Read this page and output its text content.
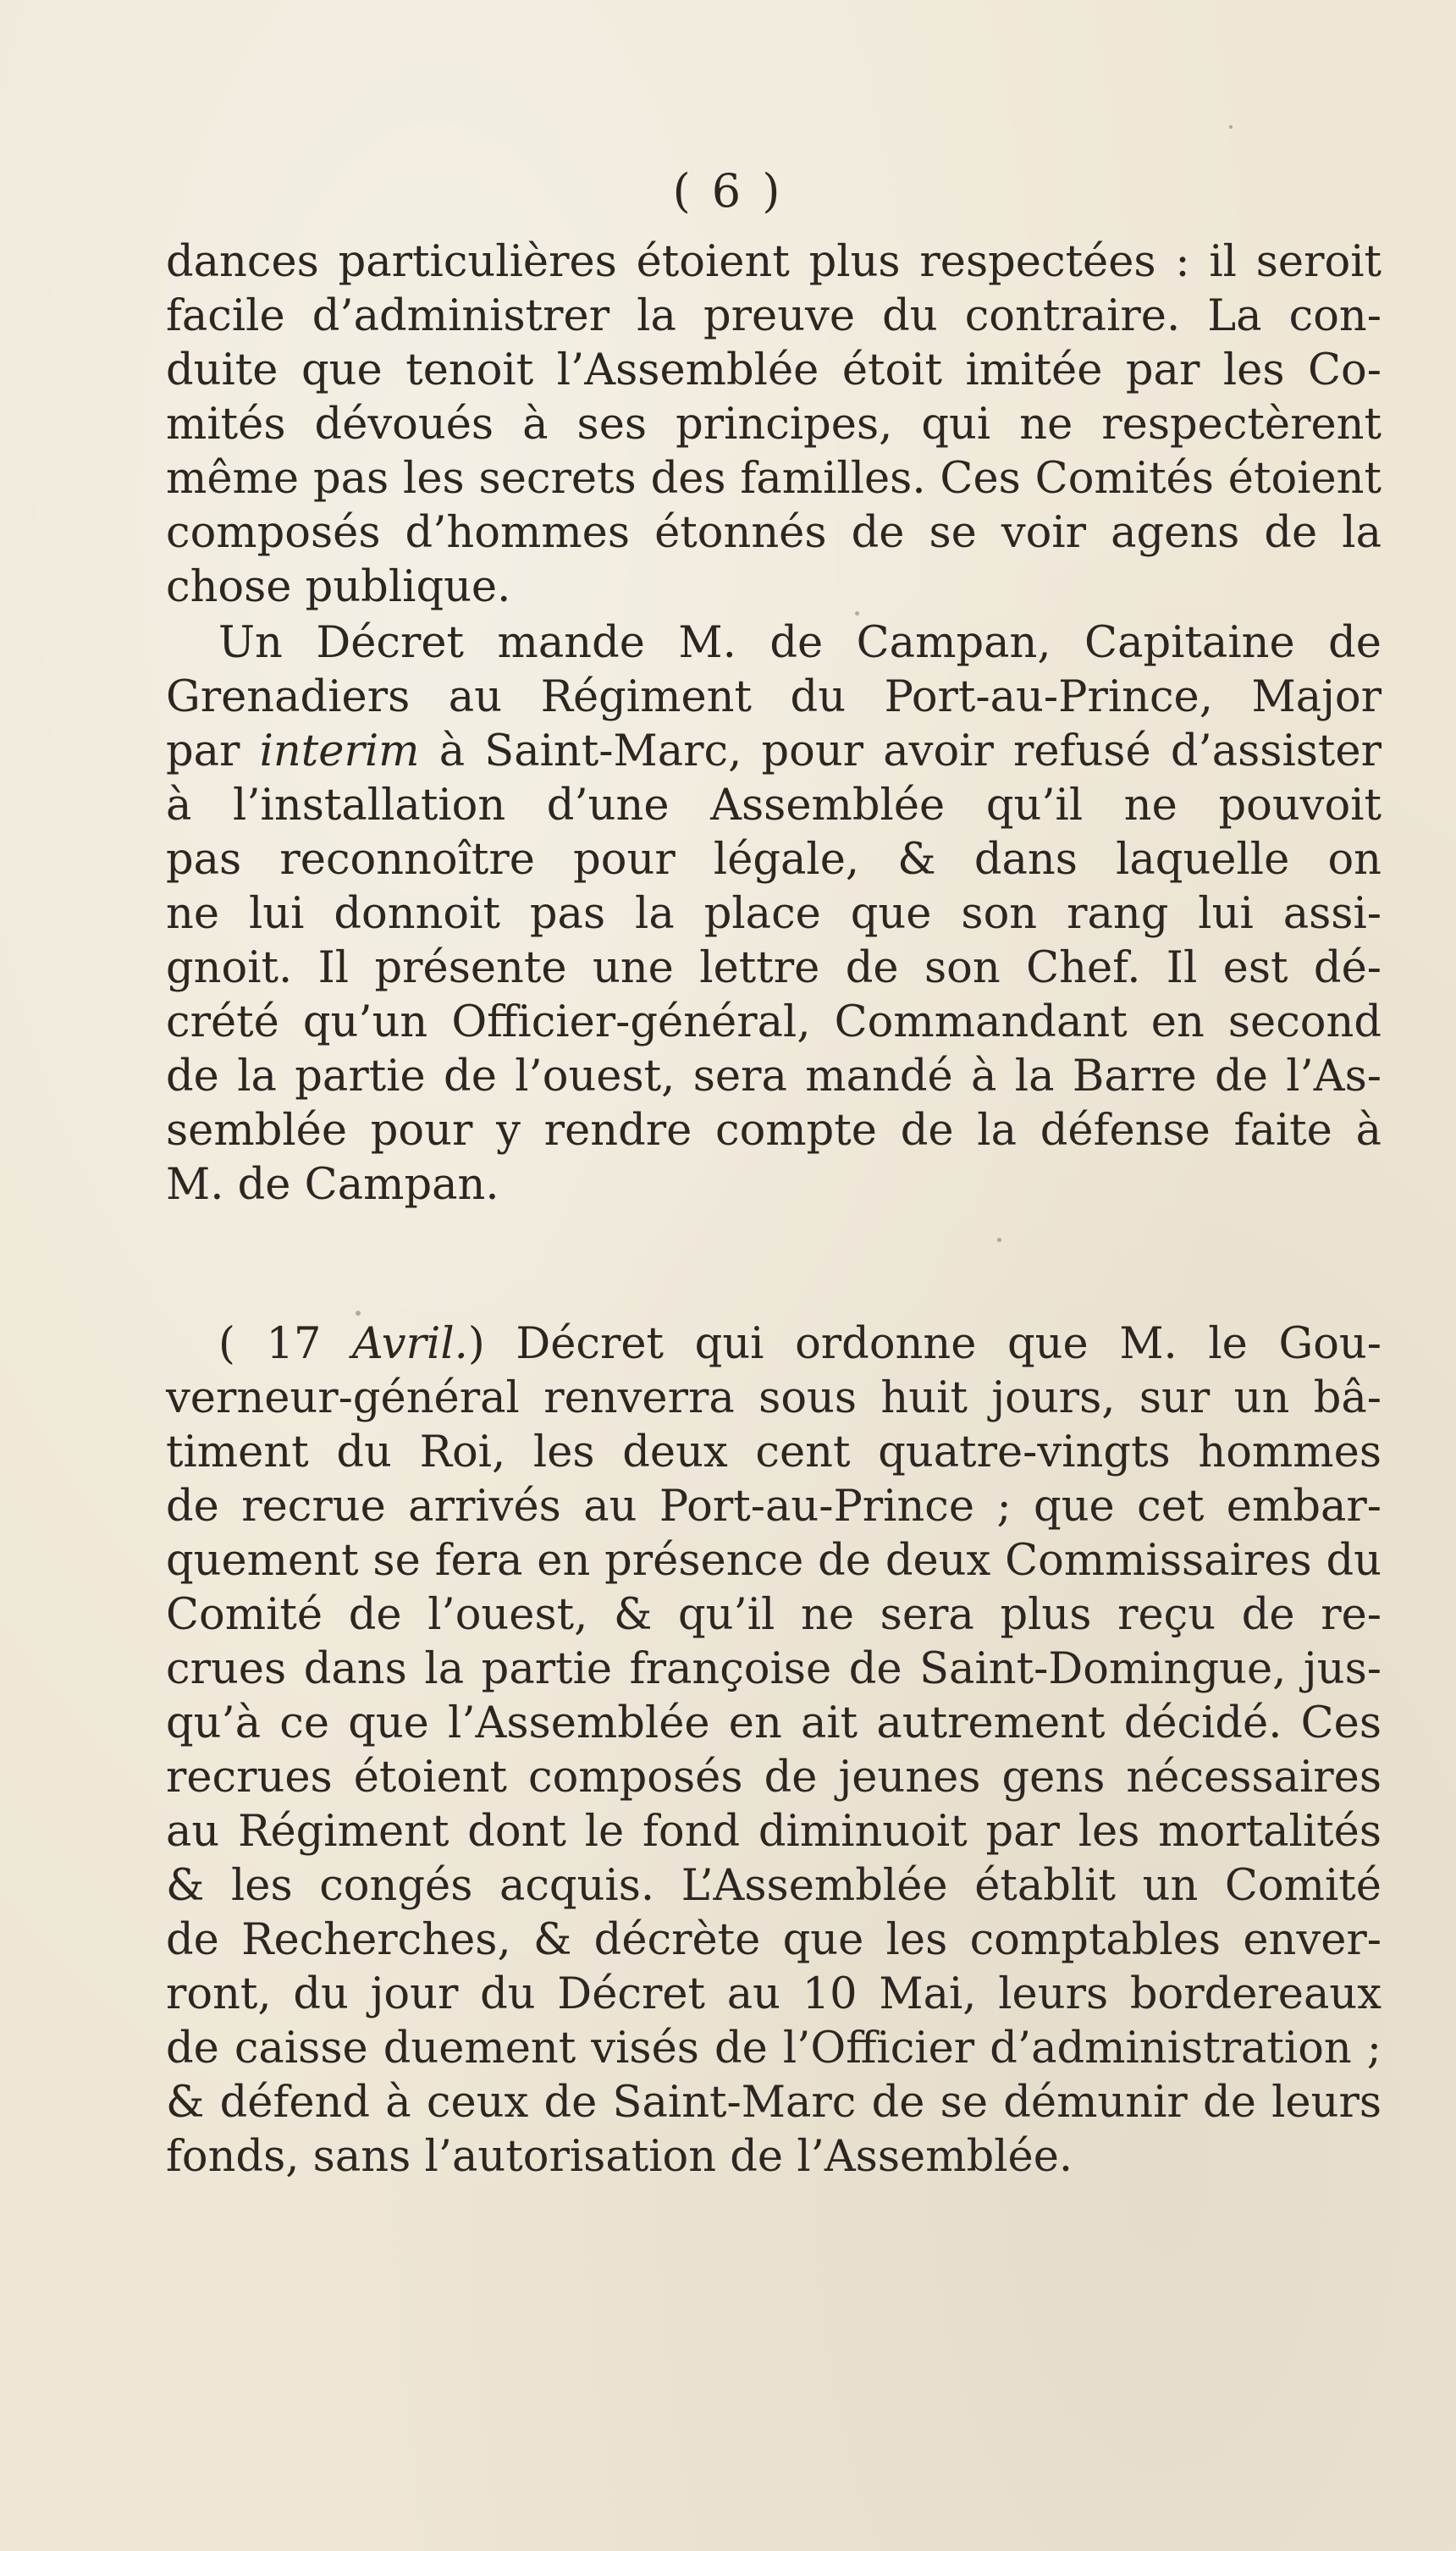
( 6 )
dances particulières étoient plus respectées : il seroit
facile d’administrer la preuve du contraire. La con-
duite que tenoit l’Assemblée étoit imitée par les Co-
mités dévoués à ses principes, qui ne respectèrent
même pas les secrets des familles. Ces Comités étoient
composés d’hommes étonnés de se voir agens de la
chose publique.
Un Décret mande M. de Campan, Capitaine de
Grenadiers au Régiment du Port-au-Prince, Major
par interim à Saint-Marc, pour avoir refusé d’assister
à l’installation d’une Assemblée qu’il ne pouvoit
pas reconnoître pour légale, & dans laquelle on
ne lui donnoit pas la place que son rang lui assi-
gnoit. Il présente une lettre de son Chef. Il est dé-
crété qu’un Officier-général, Commandant en second
de la partie de l’ouest, sera mandé à la Barre de l’As-
semblée pour y rendre compte de la défense faite à
M. de Campan.
( 17 Avril.) Décret qui ordonne que M. le Gou-
verneur-général renverra sous huit jours, sur un bâ-
timent du Roi, les deux cent quatre-vingts hommes
de recrue arrivés au Port-au-Prince ; que cet embar-
quement se fera en présence de deux Commissaires du
Comité de l’ouest, & qu’il ne sera plus reçu de re-
crues dans la partie françoise de Saint-Domingue, jus-
qu’à ce que l’Assemblée en ait autrement décidé. Ces
recrues étoient composés de jeunes gens nécessaires
au Régiment dont le fond diminuoit par les mortalités
& les congés acquis. L’Assemblée établit un Comité
de Recherches, & décrète que les comptables enver-
ront, du jour du Décret au 10 Mai, leurs bordereaux
de caisse duement visés de l’Officier d’administration ;
& défend à ceux de Saint-Marc de se démunir de leurs
fonds, sans l’autorisation de l’Assemblée.
